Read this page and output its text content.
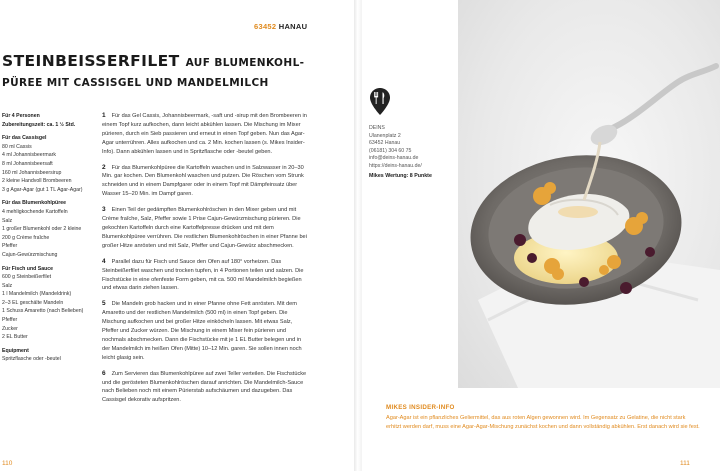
63452 HANAU
STEINBEISSERFILET AUF BLUMENKOHL-
PÜREE MIT CASSISGEL UND MANDELMILCH
Für 4 Personen
Zubereitungszeit: ca. 1 ½ Std.
Für das Cassisgel
80 ml Cassis
4 ml Johannisbeermark
8 ml Johannisbeersaft
160 ml Johannisbeersirup
2 kleine Handvoll Brombeeren
3 g Agar-Agar (gut 1 TL Agar-Agar)
Für das Blumenkohlpüree
4 mehligkochende Kartoffeln
Salz
1 großer Blumenkohl oder 2 kleine
200 g Crème fraîche
Pfeffer
Cajun-Gewürzmischung
Für Fisch und Sauce
600 g Steinbeißerfilet
Salz
1 l Mandelmilch (Mandeldrink)
2–3 EL geschälte Mandeln
1 Schuss Amaretto (nach Belieben)
Pfeffer
Zucker
2 EL Butter
Equipment
Spritzflasche oder -beutel
1 Für das Gel Cassis, Johannisbeermark, -saft und -sirup mit den Brombeeren in einem Topf kurz aufkochen, dann leicht abkühlen lassen. Die Mischung im Mixer pürieren, durch ein Sieb passieren und erneut in einen Topf geben. Nun das Agar-Agar unterrühren. Alles aufkochen und ca. 2 Min. kochen lassen (s. Mikes Insider-Info). Dann abkühlen lassen und in Spritzflasche oder -beutel geben.
2 Für das Blumenkohlpüree die Kartoffeln waschen und in Salzwasser in 20–30 Min. gar kochen. Den Blumenkohl waschen und putzen. Die Röschen vom Strunk schneiden und in einem Dampfgarer oder in einem Topf mit Dämpfeinsatz über Wasser 15–20 Min. im Dampf garen.
3 Einen Teil der gedämpften Blumenkohlröschen in den Mixer geben und mit Crème fraîche, Salz, Pfeffer sowie 1 Prise Cajun-Gewürzmischung pürieren. Die gekochten Kartoffeln durch eine Kartoffelpresse drücken und mit dem Blumenkohlpüree verrühren. Die restlichen Blumenkohlröschen in einer Pfanne bei großer Hitze anrösten und mit Salz, Pfeffer und Cajun-Gewürz abschmecken.
4 Parallel dazu für Fisch und Sauce den Ofen auf 180° vorheizen. Das Steinbeißerfilet waschen und trocken tupfen, in 4 Portionen teilen und salzen. Die Fischstücke in eine ofenfeste Form geben, mit ca. 500 ml Mandelmilch begießen und etwas darin ziehen lassen.
5 Die Mandeln grob hacken und in einer Pfanne ohne Fett anrösten. Mit dem Amaretto und der restlichen Mandelmilch (500 ml) in einen Topf geben. Die Mischung aufkochen und bei großer Hitze einköcheln lassen. Mit etwas Salz, Pfeffer und Zucker würzen. Die Mischung in einem Mixer fein pürieren und nochmals abschmecken. Dann die Fischstücke mit je 1 EL Butter belegen und in der Mandelmilch im heißen Ofen (Mitte) 10–12 Min. garen. Sie sollen innen noch leicht glasig sein.
6 Zum Servieren das Blumenkohlpüree auf zwei Teller verteilen. Die Fischstücke und die gerösteten Blumenkohlröschen darauf anrichten. Die Mandelmilch-Sauce nach Belieben noch mit einem Pürierstab aufschäumen und dazugeben. Das Cassisgel dekorativ aufspritzen.
110	111
DEINS
Ulanenplatz 2
63452 Hanau
(06181) 304 60 75
info@deins-hanau.de
https://deins-hanau.de/
Mikes Wertung: 8 Punkte
MIKES INSIDER-INFO
Agar-Agar ist ein pflanzliches Geliermittel, das aus roten Algen gewonnen wird. Im Gegensatz zu Gelatine, die nicht stark erhitzt werden darf, muss eine Agar-Agar-Mischung zunächst kochen und dann vollständig abkühlen. Erst danach wird sie fest.
